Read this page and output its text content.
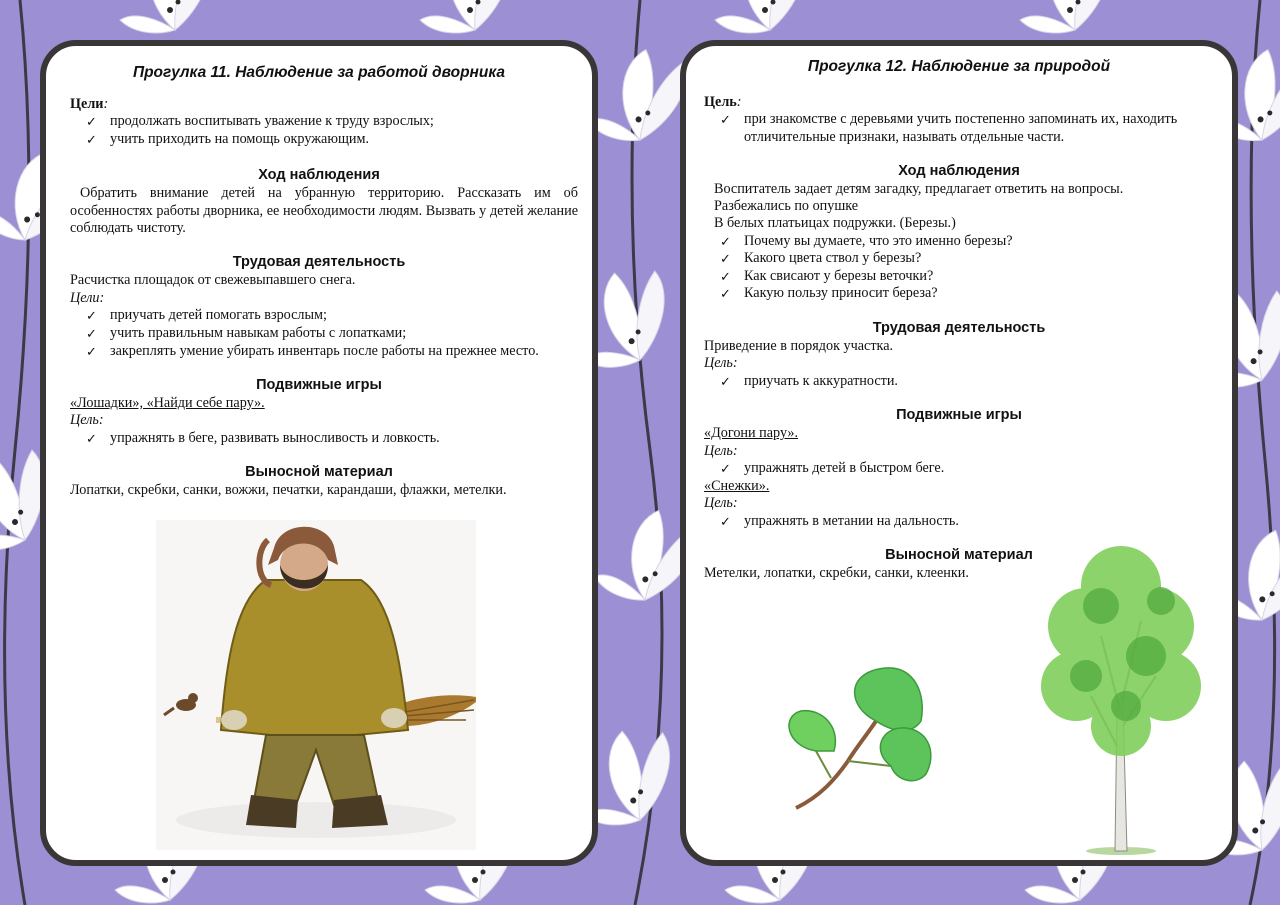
Прогулка 11. Наблюдение за работой дворника
Цели:
✓ продолжать воспитывать уважение к труду взрослых;
✓ учить приходить на помощь окружающим.
Ход наблюдения
Обратить внимание детей на убранную территорию. Рассказать им об особенностях работы дворника, ее необходимости людям. Вызвать у детей желание соблюдать чистоту.
Трудовая деятельность
Расчистка площадок от свежевыпавшего снега.
Цели:
✓ приучать детей помогать взрослым;
✓ учить правильным навыкам работы с лопатками;
✓ закреплять умение убирать инвентарь после работы на прежнее место.
Подвижные игры
«Лошадки», «Найди себе пару».
Цель:
✓ упражнять в беге, развивать выносливость и ловкость.
Выносной материал
Лопатки, скребки, санки, вожжи, печатки, карандаши, флажки, метелки.
Прогулка 12. Наблюдение за природой
Цель:
✓ при знакомстве с деревьями учить постепенно запоминать их, находить
отличительные признаки, называть отдельные части.
Ход наблюдения
Воспитатель задает детям загадку, предлагает ответить на вопросы.
Разбежались по опушке
В белых платьицах подружки. (Березы.)
✓ Почему вы думаете, что это именно березы?
✓ Какого цвета ствол у березы?
✓ Как свисают у березы веточки?
✓ Какую пользу приносит береза?
Трудовая деятельность
Приведение в порядок участка.
Цель:
✓ приучать к аккуратности.
Подвижные игры
«Догони пару».
Цель:
✓ упражнять детей в быстром беге.
«Снежки».
Цель:
✓ упражнять в метании на дальность.
Выносной материал
Метелки, лопатки, скребки, санки, клеенки.
